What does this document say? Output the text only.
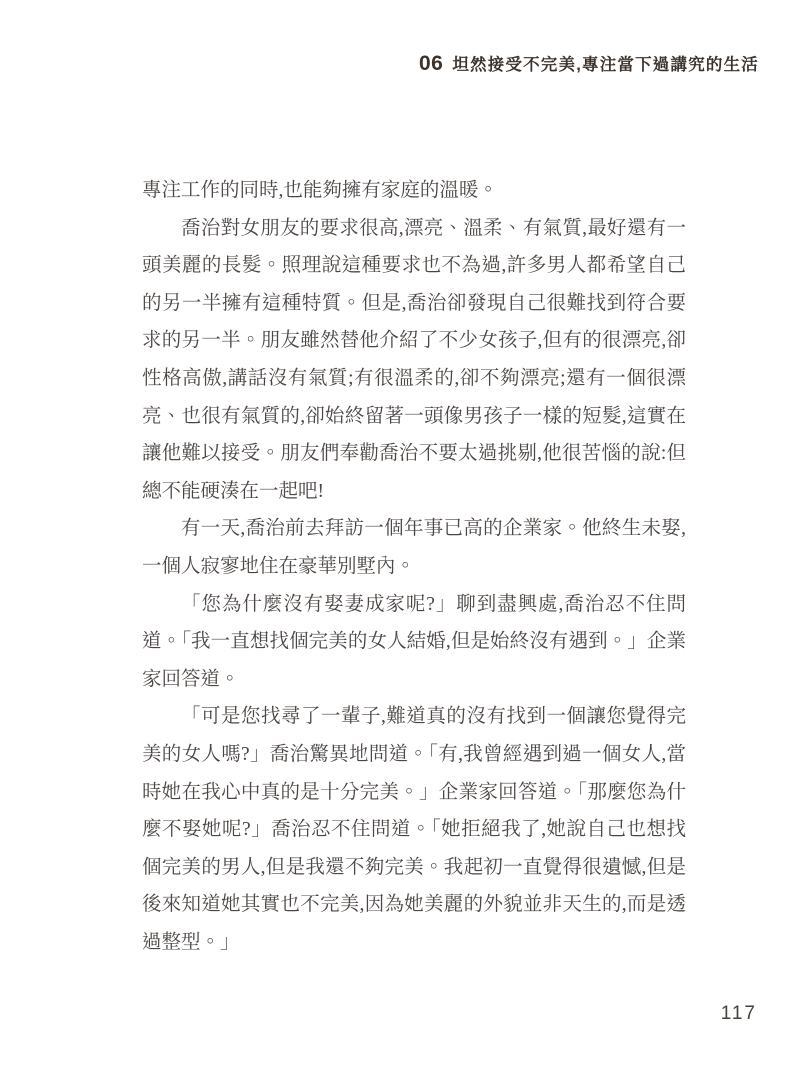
06 坦然接受不完美,專注當下過講究的生活

專注工作的同時,也能夠擁有家庭的溫暖。

喬治對女朋友的要求很高,漂亮、溫柔、有氣質,最好還有一頭美麗的長髮。照理說這種要求也不為過,許多男人都希望自己的另一半擁有這種特質。但是,喬治卻發現自己很難找到符合要求的另一半。朋友雖然替他介紹了不少女孩子,但有的很漂亮,卻性格高傲,講話沒有氣質;有很溫柔的,卻不夠漂亮;還有一個很漂亮、也很有氣質的,卻始終留著一頭像男孩子一樣的短髮,這實在讓他難以接受。朋友們奉勸喬治不要太過挑剔,他很苦惱的說:但總不能硬湊在一起吧!

有一天,喬治前去拜訪一個年事已高的企業家。他終生未娶,一個人寂寥地住在豪華別墅內。

「您為什麼沒有娶妻成家呢?」聊到盡興處,喬治忍不住問道。「我一直想找個完美的女人結婚,但是始終沒有遇到。」企業家回答道。

「可是您找尋了一輩子,難道真的沒有找到一個讓您覺得完美的女人嗎?」喬治驚異地問道。「有,我曾經遇到過一個女人,當時她在我心中真的是十分完美。」企業家回答道。「那麼您為什麼不娶她呢?」喬治忍不住問道。「她拒絕我了,她說自己也想找個完美的男人,但是我還不夠完美。我起初一直覺得很遺憾,但是後來知道她其實也不完美,因為她美麗的外貌並非天生的,而是透過整型。」

117
